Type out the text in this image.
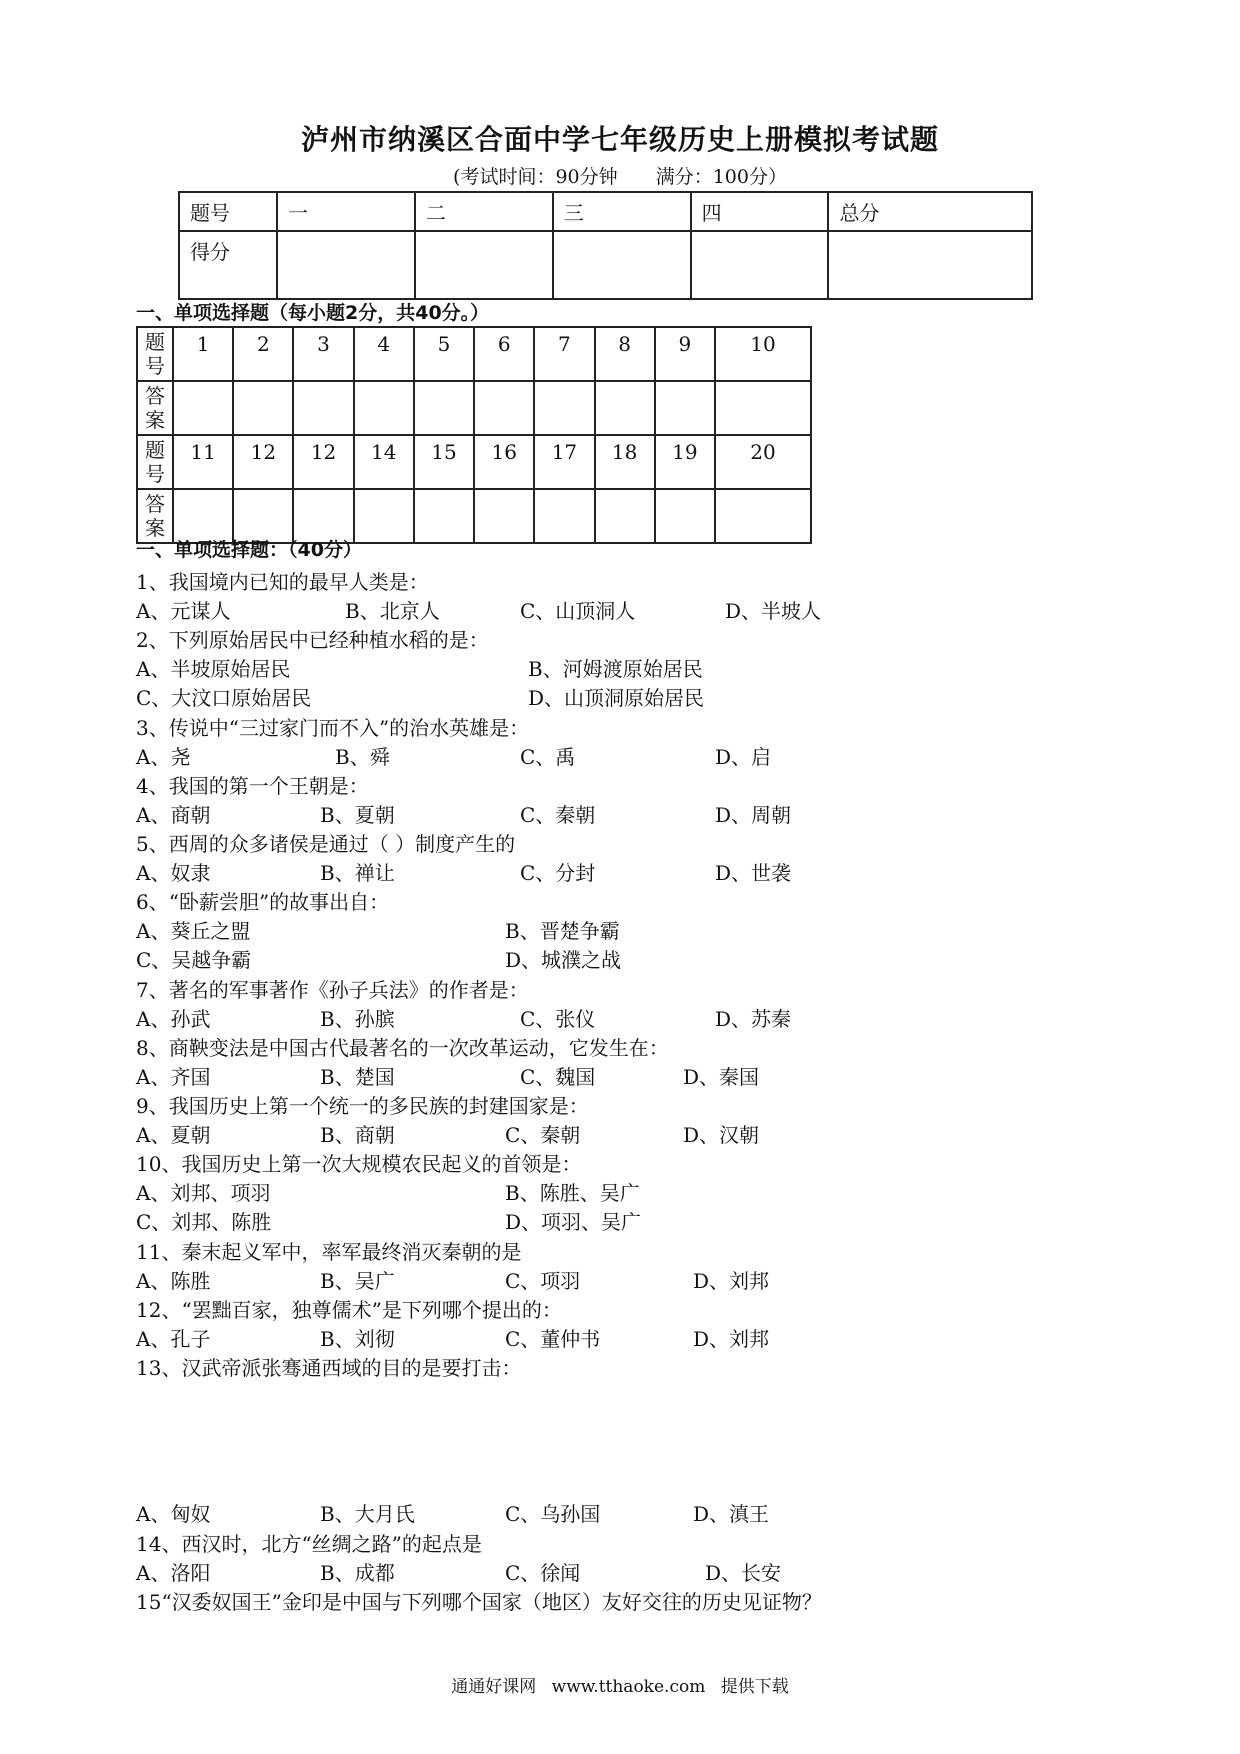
泸州市纳溪区合面中学七年级历史上册模拟考试题
(考试时间：90分钟 满分：100分）
题号	一	二	三	四	总分
得分					
一、单项选择题（每小题2分，共40分。）
题
号	1	2	3	4	5	6	7	8	9	10
答
案										
题
号	11	12	12	14	15	16	17	18	19	20
答
案										
一、单项选择题：（40分）
1、我国境内已知的最早人类是：
A、元谋人	B、北京人	C、山顶洞人	D、半坡人
2、下列原始居民中已经种植水稻的是：
A、半坡原始居民	B、河姆渡原始居民
C、大汶口原始居民	D、山顶洞原始居民
3、传说中“三过家门而不入”的治水英雄是：
A、尧	B、舜	C、禹	D、启
4、我国的第一个王朝是：
A、商朝	B、夏朝	C、秦朝	D、周朝
5、西周的众多诸侯是通过（ ）制度产生的
A、奴隶	B、禅让	C、分封	D、世袭
6、“卧薪尝胆”的故事出自：
A、葵丘之盟	B、晋楚争霸
C、吴越争霸	D、城濮之战
7、著名的军事著作《孙子兵法》的作者是：
A、孙武	B、孙膑	C、张仪	D、苏秦
8、商鞅变法是中国古代最著名的一次改革运动，它发生在：
A、齐国	B、楚国	C、魏国	D、秦国
9、我国历史上第一个统一的多民族的封建国家是：
A、夏朝	B、商朝	C、秦朝	D、汉朝
10、我国历史上第一次大规模农民起义的首领是：
A、刘邦、项羽	B、陈胜、吴广
C、刘邦、陈胜	D、项羽、吴广
11、秦末起义军中，率军最终消灭秦朝的是
A、陈胜	B、吴广	C、项羽	D、刘邦
12、“罢黜百家，独尊儒术”是下列哪个提出的：
A、孔子	B、刘彻	C、董仲书	D、刘邦
13、汉武帝派张骞通西域的目的是要打击：
A、匈奴	B、大月氏	C、乌孙国	D、滇王
14、西汉时，北方“丝绸之路”的起点是
A、洛阳	B、成都	C、徐闻	D、长安
15“汉委奴国王”金印是中国与下列哪个国家（地区）友好交往的历史见证物？
通通好课网 www.tthaoke.com 提供下载
